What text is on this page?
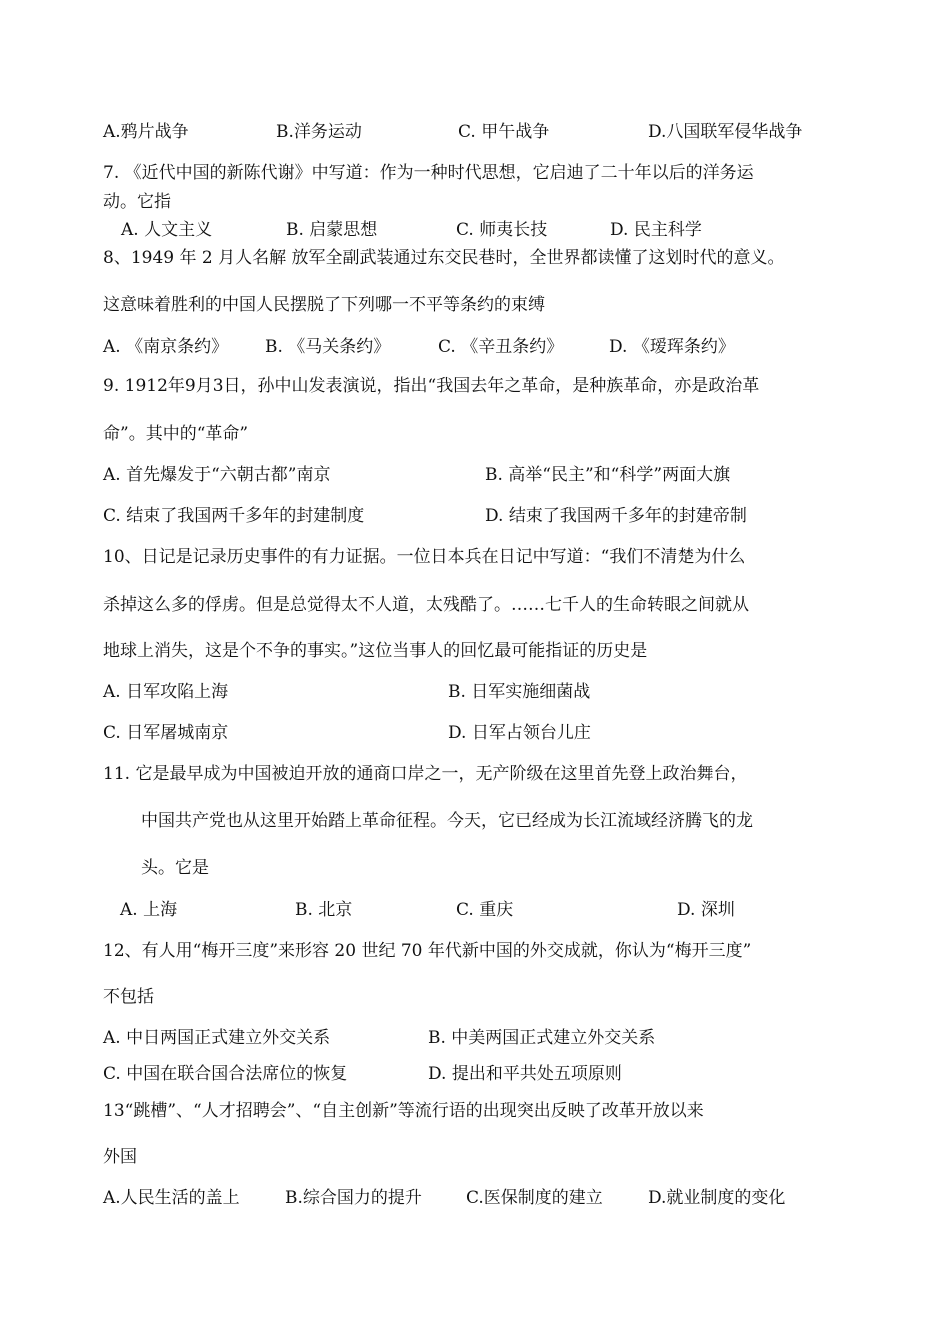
A.鸦片战争	B.洋务运动	C. 甲午战争	D.八国联军侵华战争
7. 《近代中国的新陈代谢》中写道：作为一种时代思想，它启迪了二十年以后的洋务运
动。它指
A. 人文主义	B. 启蒙思想	C. 师夷长技	D. 民主科学
8、1949 年 2 月人名解 放军全副武装通过东交民巷时，全世界都读懂了这划时代的意义。
这意味着胜利的中国人民摆脱了下列哪一不平等条约的束缚
A. 《南京条约》 B. 《马关条约》	C. 《辛丑条约》	D. 《瑷珲条约》
9. 1912年9月3日，孙中山发表演说，指出“我国去年之革命，是种族革命，亦是政治革
命”。其中的“革命”
A. 首先爆发于“六朝古都”南京	B. 高举“民主”和“科学”两面大旗
C. 结束了我国两千多年的封建制度	D. 结束了我国两千多年的封建帝制
10、日记是记录历史事件的有力证据。一位日本兵在日记中写道：“我们不清楚为什么
杀掉这么多的俘虏。但是总觉得太不人道，太残酷了。……七千人的生命转眼之间就从
地球上消失，这是个不争的事实。”这位当事人的回忆最可能指证的历史是
A. 日军攻陷上海	B. 日军实施细菌战
C. 日军屠城南京	D. 日军占领台儿庄
11. 它是最早成为中国被迫开放的通商口岸之一，无产阶级在这里首先登上政治舞台，
中国共产党也从这里开始踏上革命征程。今天，它已经成为长江流域经济腾飞的龙
头。它是
A. 上海	B. 北京	C. 重庆	D. 深圳
12、有人用“梅开三度”来形容 20 世纪 70 年代新中国的外交成就，你认为“梅开三度”
不包括
A. 中日两国正式建立外交关系	B. 中美两国正式建立外交关系
C. 中国在联合国合法席位的恢复	D. 提出和平共处五项原则
13“跳槽”、“人才招聘会”、“自主创新”等流行语的出现突出反映了改革开放以来
外国
A.人民生活的盖上	B.综合国力的提升	C.医保制度的建立	D.就业制度的变化
